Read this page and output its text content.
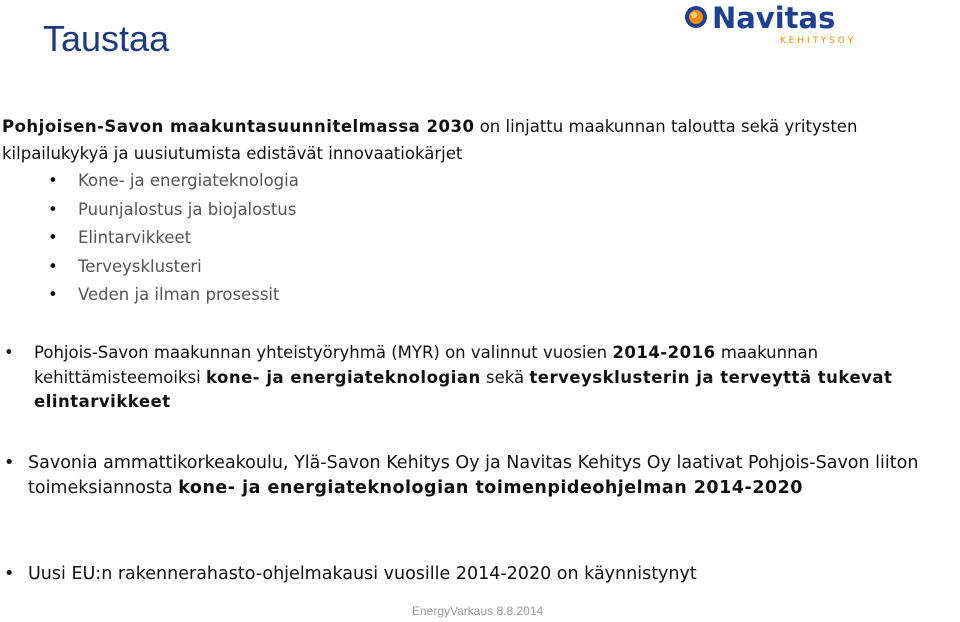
Taustaa	Navitas
K E H I T Y S O Y
Pohjoisen-Savon maakuntasuunnitelmassa 2030 on linjattu maakunnan taloutta sekä yritysten kilpailukykyä ja uusiutumista edistävät innovaatiokärjet
• Kone- ja energiateknologia
• Puunjalostus ja biojalostus
• Elintarvikkeet
• Terveysklusteri
• Veden ja ilman prosessit
•	Pohjois-Savon maakunnan yhteistyöryhmä (MYR) on valinnut vuosien 2014-2016 maakunnan kehittämisteemoiksi kone- ja energiateknologian sekä terveysklusterin ja terveyttä tukevat elintarvikkeet
• Savonia ammattikorkeakoulu, Ylä-Savon Kehitys Oy ja Navitas Kehitys Oy laativat Pohjois-Savon liiton toimeksiannosta kone- ja energiateknologian toimenpideohjelman 2014-2020
• Uusi EU:n rakennerahasto-ohjelmakausi vuosille 2014-2020 on käynnistynyt
EnergyVarkaus 8.8.2014
